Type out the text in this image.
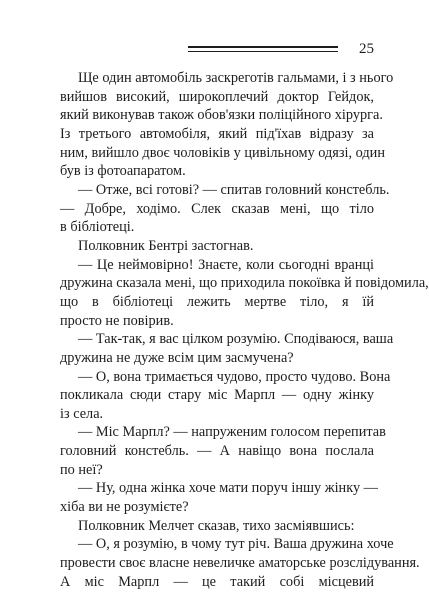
25
Ще один автомобіль заскреготів гальмами, і з нього
вийшов високий, широкоплечий доктор Гейдок,
який виконував також обов'язки поліційного хірурга.
Із третього автомобіля, який під'їхав відразу за
ним, вийшло двоє чоловіків у цивільному одязі, один
був із фотоапаратом.
— Отже, всі готові? — спитав головний констебль.
— Добре, ходімо. Слек сказав мені, що тіло
в бібліотеці.
Полковник Бентрі застогнав.
— Це неймовірно! Знаєте, коли сьогодні вранці
дружина сказала мені, що приходила покоївка й повідомила,
що в бібліотеці лежить мертве тіло, я їй
просто не повірив.
— Так-так, я вас цілком розумію. Сподіваюся, ваша
дружина не дуже всім цим засмучена?
— О, вона тримається чудово, просто чудово. Вона
покликала сюди стару міс Марпл — одну жінку
із села.
— Міс Марпл? — напруженим голосом перепитав
головний констебль. — А навіщо вона послала
по неї?
— Ну, одна жінка хоче мати поруч іншу жінку —
хіба ви не розумієте?
Полковник Мелчет сказав, тихо засміявшись:
— О, я розумію, в чому тут річ. Ваша дружина хоче
провести своє власне невеличке аматорське розслідування.
А міс Марпл — це такий собі місцевий
